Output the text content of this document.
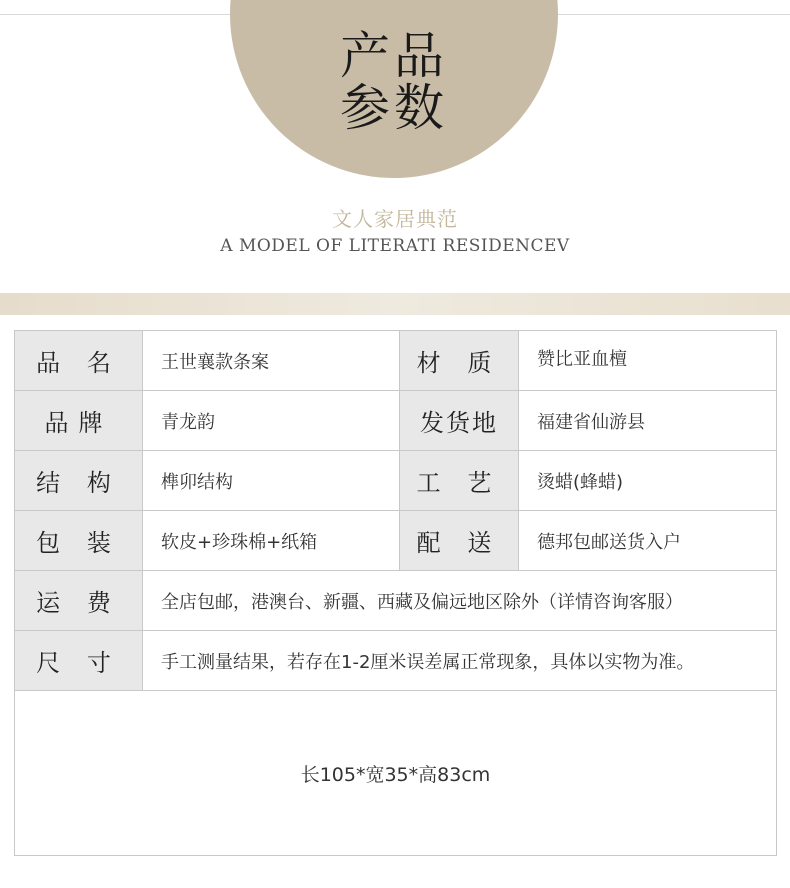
产品
参数
文人家居典范
A MODEL OF LITERATI RESIDENCEV
品 名	王世襄款条案	材 质	赞比亚血檀
品牌	青龙韵	发货地	福建省仙游县
结 构	榫卯结构	工 艺	烫蜡(蜂蜡)
包 装	软皮+珍珠棉+纸箱	配 送	德邦包邮送货入户
运 费	全店包邮，港澳台、新疆、西藏及偏远地区除外（详情咨询客服）		
尺 寸	手工测量结果，若存在1-2厘米误差属正常现象，具体以实物为准。		
长105*宽35*高83cm			
